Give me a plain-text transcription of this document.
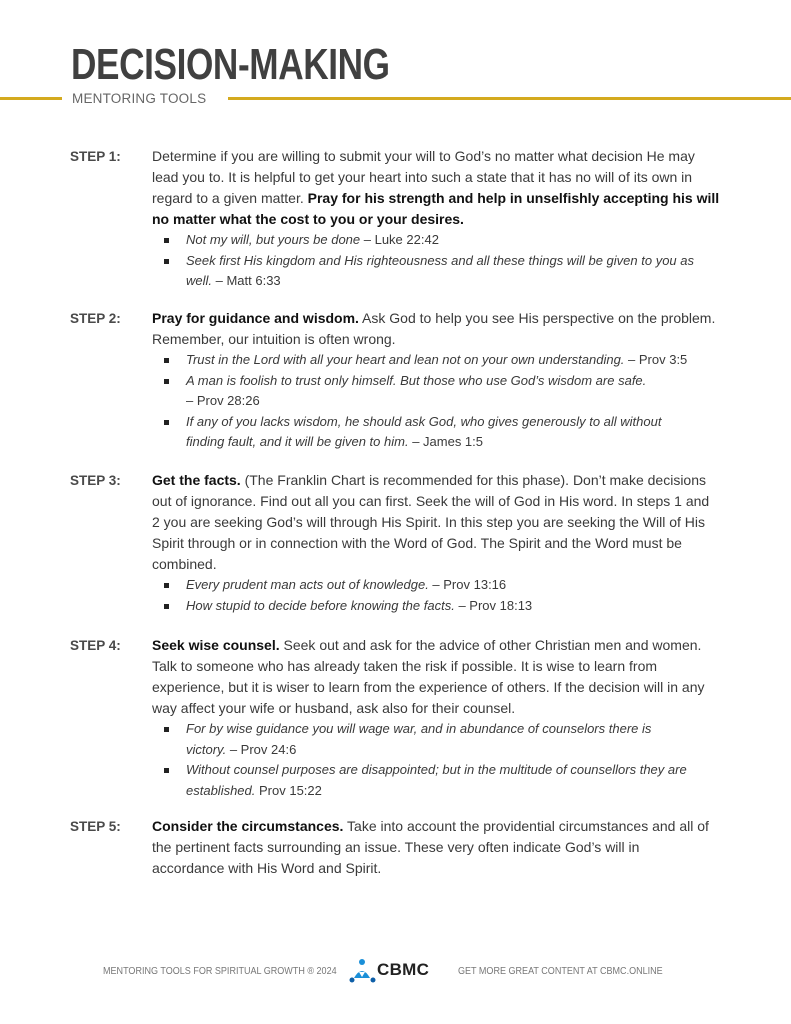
DECISION-MAKING
MENTORING TOOLS
STEP 1: Determine if you are willing to submit your will to God’s no matter what decision He may
lead you to. It is helpful to get your heart into such a state that it has no will of its own in
regard to a given matter. Pray for his strength and help in unselfishly accepting his will
no matter what the cost to you or your desires.
Not my will, but yours be done – Luke 22:42
Seek first His kingdom and His righteousness and all these things will be given to you as
well. – Matt 6:33
STEP 2: Pray for guidance and wisdom. Ask God to help you see His perspective on the problem.
Remember, our intuition is often wrong.
Trust in the Lord with all your heart and lean not on your own understanding. – Prov 3:5
A man is foolish to trust only himself. But those who use God’s wisdom are safe.
– Prov 28:26
If any of you lacks wisdom, he should ask God, who gives generously to all without
finding fault, and it will be given to him. – James 1:5
STEP 3: Get the facts. (The Franklin Chart is recommended for this phase). Don’t make decisions
out of ignorance. Find out all you can first. Seek the will of God in His word. In steps 1 and
2 you are seeking God’s will through His Spirit. In this step you are seeking the Will of His
Spirit through or in connection with the Word of God. The Spirit and the Word must be
combined.
Every prudent man acts out of knowledge. – Prov 13:16
How stupid to decide before knowing the facts. – Prov 18:13
STEP 4: Seek wise counsel. Seek out and ask for the advice of other Christian men and women.
Talk to someone who has already taken the risk if possible. It is wise to learn from
experience, but it is wiser to learn from the experience of others. If the decision will in any
way affect your wife or husband, ask also for their counsel.
For by wise guidance you will wage war, and in abundance of counselors there is
victory. – Prov 24:6
Without counsel purposes are disappointed; but in the multitude of counsellors they are
established. Prov 15:22
STEP 5: Consider the circumstances. Take into account the providential circumstances and all of
the pertinent facts surrounding an issue. These very often indicate God’s will in
accordance with His Word and Spirit.
MENTORING TOOLS FOR SPIRITUAL GROWTH ® 2024 CBMC	GET MORE GREAT CONTENT AT CBMC.ONLINE
